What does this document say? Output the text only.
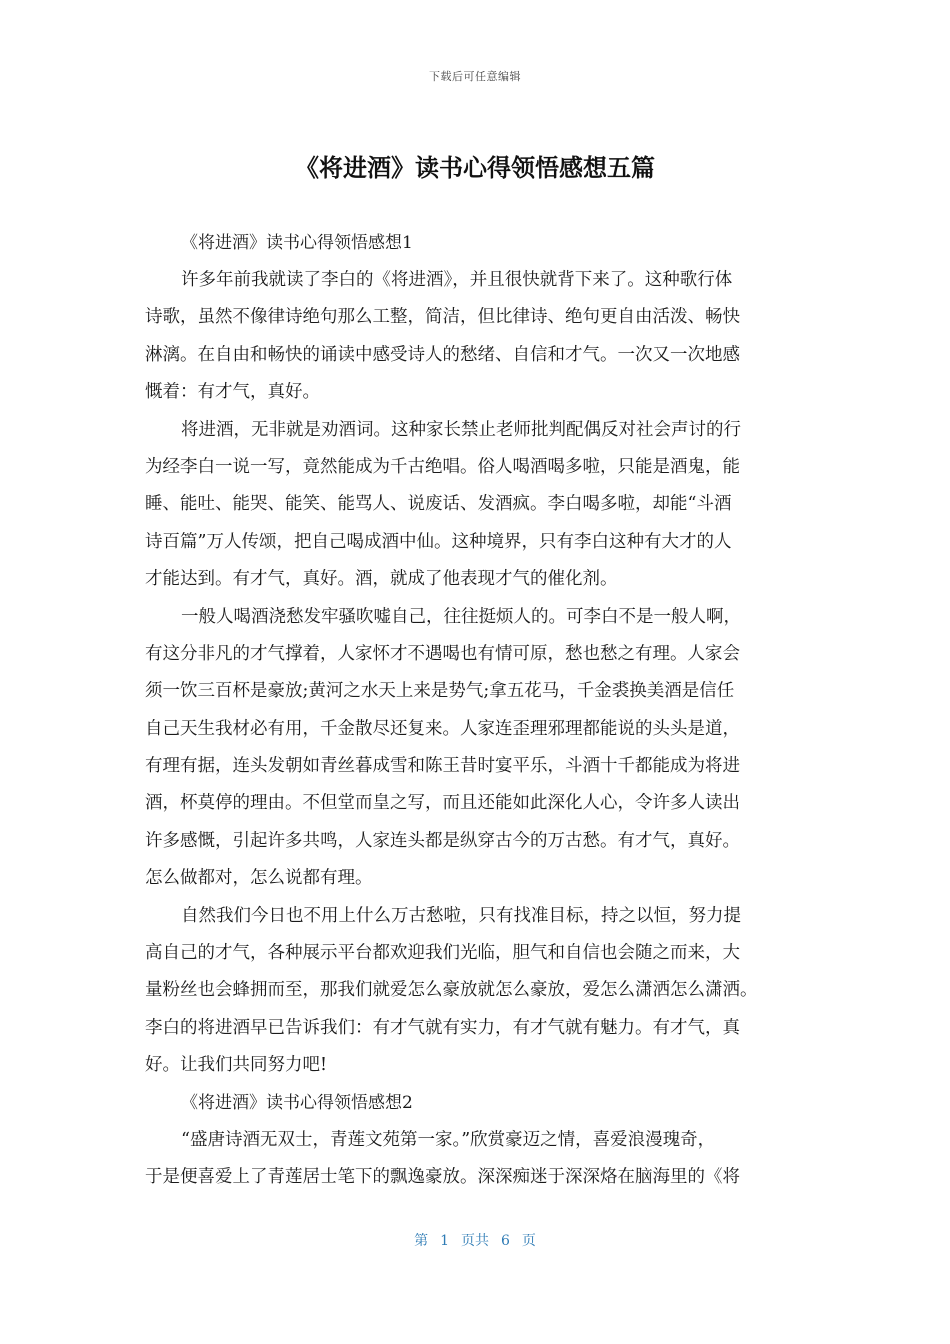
下载后可任意编辑
《将进酒》读书心得领悟感想五篇
《将进酒》读书心得领悟感想1
许多年前我就读了李白的《将进酒》，并且很快就背下来了。这种歌行体
诗歌，虽然不像律诗绝句那么工整，简洁，但比律诗、绝句更自由活泼、畅快
淋漓。在自由和畅快的诵读中感受诗人的愁绪、自信和才气。一次又一次地感
慨着：有才气，真好。
将进酒，无非就是劝酒词。这种家长禁止老师批判配偶反对社会声讨的行
为经李白一说一写，竟然能成为千古绝唱。俗人喝酒喝多啦，只能是酒鬼，能
睡、能吐、能哭、能笑、能骂人、说废话、发酒疯。李白喝多啦，却能“斗酒
诗百篇”万人传颂，把自己喝成酒中仙。这种境界，只有李白这种有大才的人
才能达到。有才气，真好。酒，就成了他表现才气的催化剂。
一般人喝酒浇愁发牢骚吹嘘自己，往往挺烦人的。可李白不是一般人啊，
有这分非凡的才气撑着，人家怀才不遇喝也有情可原，愁也愁之有理。人家会
须一饮三百杯是豪放;黄河之水天上来是势气;拿五花马，千金裘换美酒是信任
自己天生我材必有用，千金散尽还复来。人家连歪理邪理都能说的头头是道，
有理有据，连头发朝如青丝暮成雪和陈王昔时宴平乐，斗酒十千都能成为将进
酒，杯莫停的理由。不但堂而皇之写，而且还能如此深化人心，令许多人读出
许多感慨，引起许多共鸣，人家连头都是纵穿古今的万古愁。有才气，真好。
怎么做都对，怎么说都有理。
自然我们今日也不用上什么万古愁啦，只有找准目标，持之以恒，努力提
高自己的才气，各种展示平台都欢迎我们光临，胆气和自信也会随之而来，大
量粉丝也会蜂拥而至，那我们就爱怎么豪放就怎么豪放，爱怎么潇洒怎么潇洒。
李白的将进酒早已告诉我们：有才气就有实力，有才气就有魅力。有才气，真
好。让我们共同努力吧!
《将进酒》读书心得领悟感想2
“盛唐诗酒无双士，青莲文苑第一家。”欣赏豪迈之情，喜爱浪漫瑰奇，
于是便喜爱上了青莲居士笔下的飘逸豪放。深深痴迷于深深烙在脑海里的《将
第 1 页共 6 页
